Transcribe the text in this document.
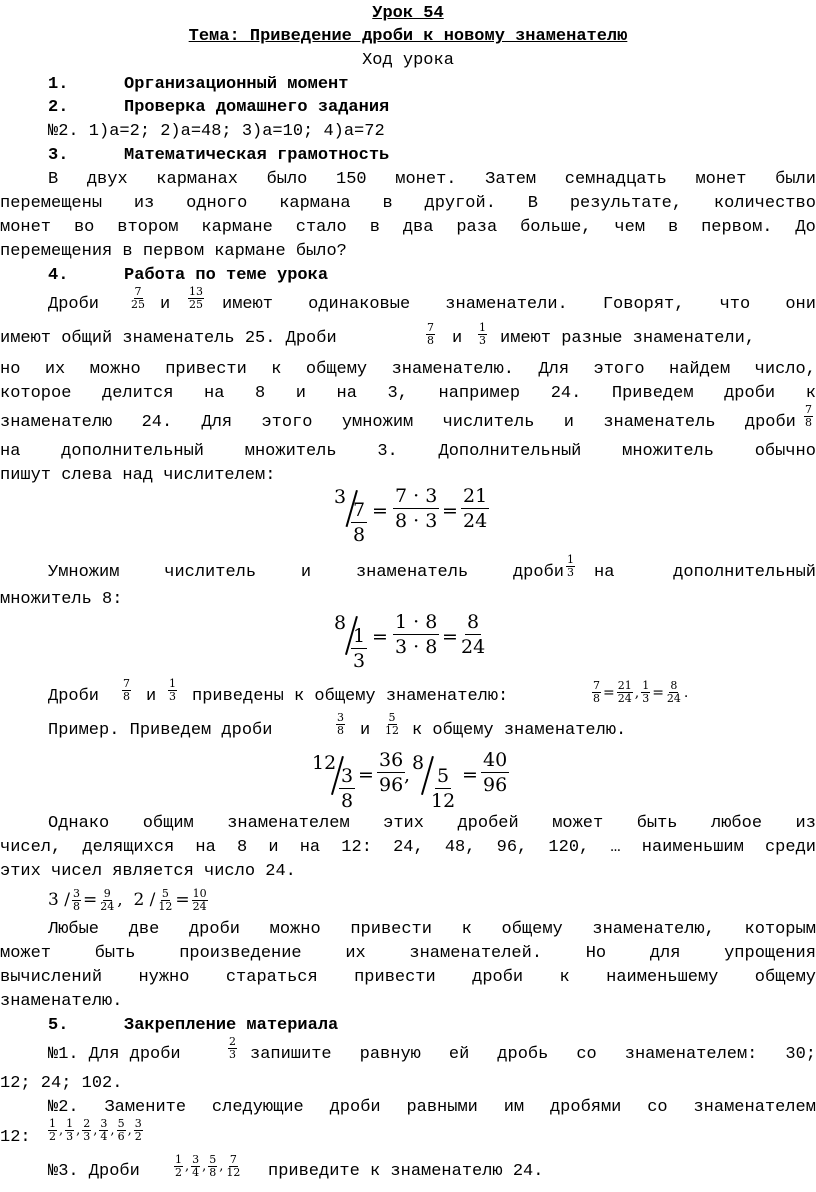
Урок 54
Тема: Приведение дроби к новому знаменателю
Ход урока
1.	Организационный момент
2.	Проверка домашнего задания
№2. 1)a=2; 2)a=48; 3)a=10; 4)a=72
3.	Математическая грамотность
В двух карманах было 150 монет. Затем семнадцать монет были
перемещены из одного кармана в другой. В результате, количество
монет во втором кармане стало в два раза больше, чем в первом. До
перемещения в первом кармане было?
4.	Работа по теме урока
Дроби	$\frac{7}{25}$ и $\frac{13}{25}$ имеют одинаковые знаменатели. Говорят, что они
имеют общий знаменатель 25. Дроби	$\frac{7}{8}$ и $\frac{1}{3}$ имеют разные знаменатели,
но их можно привести к общему знаменателю. Для этого найдем число,
которое делится на 8 и на 3, например 24. Приведем дроби к
знаменателю 24. Для этого умножим числитель и знаменатель дроби $\frac{7}{8}$
на дополнительный множитель 3. Дополнительный множитель обычно
пишут слева над числителем:
3
7
8
=
7 · 3
8 · 3 =
21
24
Умножим	числитель	и	знаменатель	дроби $\frac{1}{3}$ на	дополнительный
множитель 8:
8
1
3
=
1 · 8
3 · 8 =
8
24
Дроби $\frac{7}{8}$ и $\frac{1}{3}$ приведены к общему знаменателю:	$\frac{7}{8} = \frac{21}{24}$ , $\frac{1}{3} = \frac{8}{24}$ .
Пример. Приведем дроби	$\frac{3}{8}$ и $\frac{5}{12}$ к общему знаменателю.
12
3
8
=
36
96 ,
8
5
12
=
40
96
Однако общим знаменателем этих дробей может быть любое из
чисел, делящихся на 8 и на 12: 24, 48, 96, 120, … наименьшим среди
этих чисел является число 24.
$3 / \frac{3}{8} = \frac{9}{24}$ , $2 / \frac{5}{12} = \frac{10}{24}$
Любые две дроби можно привести к общему знаменателю, которым
может	быть	произведение	их	знаменателей.	Но	для	упрощения
вычислений нужно стараться привести дроби к наименьшему общему
знаменателю.
5.	Закрепление материала
№1. Для дроби	$\frac{2}{3}$ запишите равную ей дробь со знаменателем: 30;
12; 24; 102.
№2. Замените следующие дроби равными им дробями со знаменателем
12: $\frac{1}{2}$ , $\frac{1}{3}$ , $\frac{2}{3}$ , $\frac{3}{4}$ , $\frac{5}{6}$ , $\frac{3}{2}$
№3. Дроби	$\frac{1}{2}$ , $\frac{3}{4}$ , $\frac{5}{8}$ , $\frac{7}{12}$ приведите к знаменателю 24.
